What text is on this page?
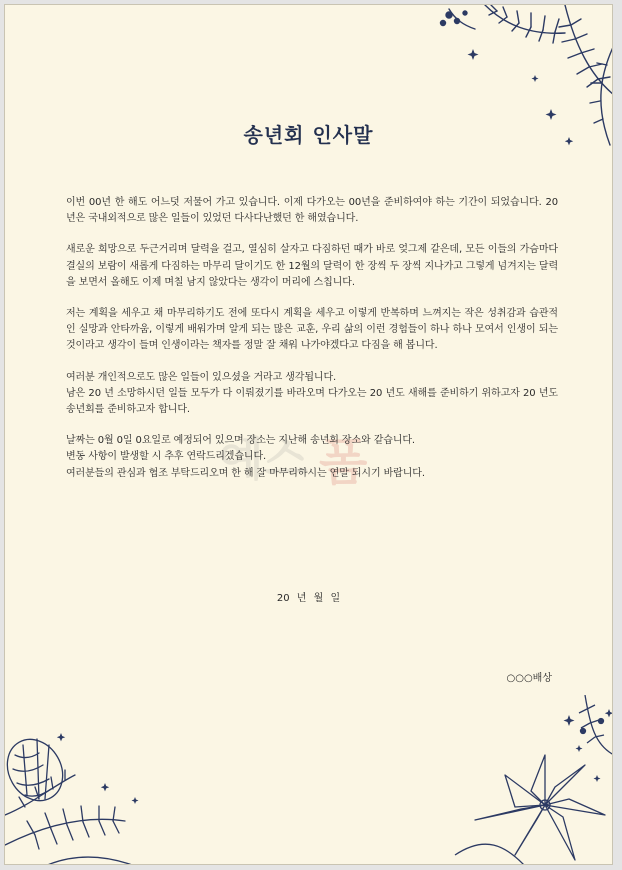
송년회 인사말
예스 폼

이번 00년 한 해도 어느덧 저물어 가고 있습니다. 이제 다가오는 00년을 준비하여야 하는 기간이 되었습니다. 20 년은 국내외적으로 많은 일들이 있었던 다사다난했던 한 해였습니다.

새로운 희망으로 두근거리며 달력을 걸고, 열심히 살자고 다짐하던 때가 바로 엊그제 같은데, 모든 이들의 가슴마다 결실의 보람이 새롭게 다짐하는 마무리 달이기도 한 12월의 달력이 한 장씩 두 장씩 지나가고 그렇게 넘겨지는 달력을 보면서 올해도 이제 며칠 남지 않았다는 생각이 머리에 스칩니다.

저는 계획을 세우고 채 마무리하기도 전에 또다시 계획을 세우고 이렇게 반복하며 느껴지는 작은 성취감과 습관적인 실망과 안타까움, 이렇게 배워가며 알게 되는 많은 교훈, 우리 삶의 이런 경험들이 하나 하나 모여서 인생이 되는 것이라고 생각이 들며 인생이라는 책자를 정말 잘 채워 나가야겠다고 다짐을 해 봅니다.

여러분 개인적으로도 많은 일들이 있으셨을 거라고 생각됩니다.
남은 20 년 소망하시던 일들 모두가 다 이뤄졌기를 바라오며 다가오는 20 년도 새해를 준비하기 위하고자 20 년도 송년회를 준비하고자 합니다.

날짜는 0월 0일 0요일로 예정되어 있으며 장소는 지난해 송년회 장소와 같습니다.
변동 사항이 발생할 시 추후 연락드리겠습니다.
여러분들의 관심과 협조 부탁드리오며 한 해 잘 마무리하시는 연말 되시기 바랍니다.

20 년 월 일
○○○배상
